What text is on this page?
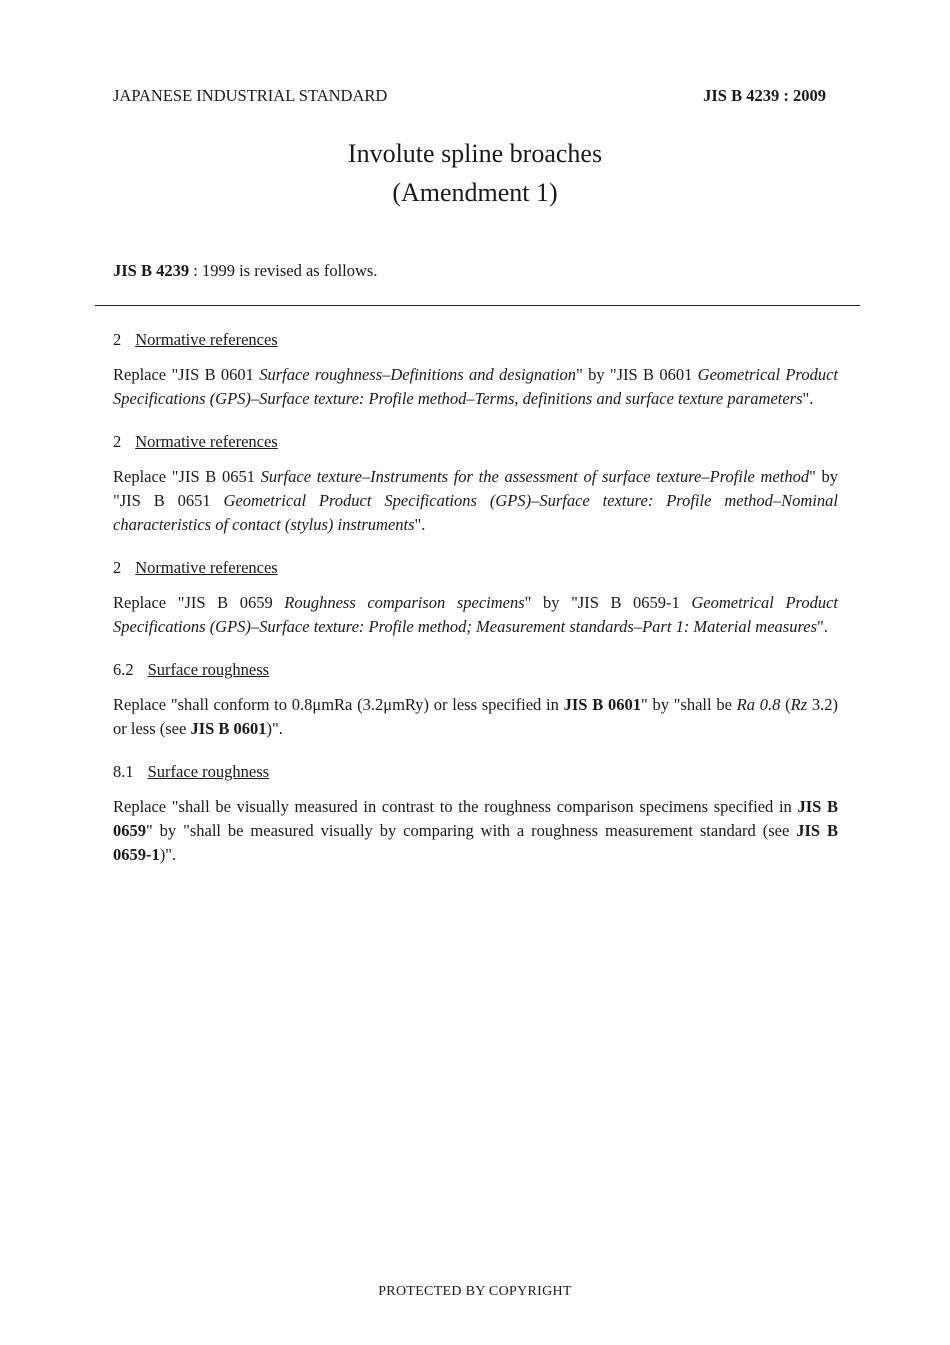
JAPANESE INDUSTRIAL STANDARD	JIS B 4239 : 2009
Involute spline broaches
(Amendment 1)
JIS B 4239 : 1999 is revised as follows.
2 Normative references
Replace "JIS B 0601 Surface roughness–Definitions and designation" by "JIS B 0601 Geometrical Product Specifications (GPS)–Surface texture: Profile method–Terms, definitions and surface texture parameters".
2 Normative references
Replace "JIS B 0651 Surface texture–Instruments for the assessment of surface texture–Profile method" by "JIS B 0651 Geometrical Product Specifications (GPS)–Surface texture: Profile method–Nominal characteristics of contact (stylus) instruments".
2 Normative references
Replace "JIS B 0659 Roughness comparison specimens" by "JIS B 0659-1 Geometrical Product Specifications (GPS)–Surface texture: Profile method; Measurement standards–Part 1: Material measures".
6.2 Surface roughness
Replace "shall conform to 0.8μmRa (3.2μmRy) or less specified in JIS B 0601" by "shall be Ra 0.8 (Rz 3.2) or less (see JIS B 0601)".
8.1 Surface roughness
Replace "shall be visually measured in contrast to the roughness comparison specimens specified in JIS B 0659" by "shall be measured visually by comparing with a roughness measurement standard (see JIS B 0659-1)".
PROTECTED BY COPYRIGHT
